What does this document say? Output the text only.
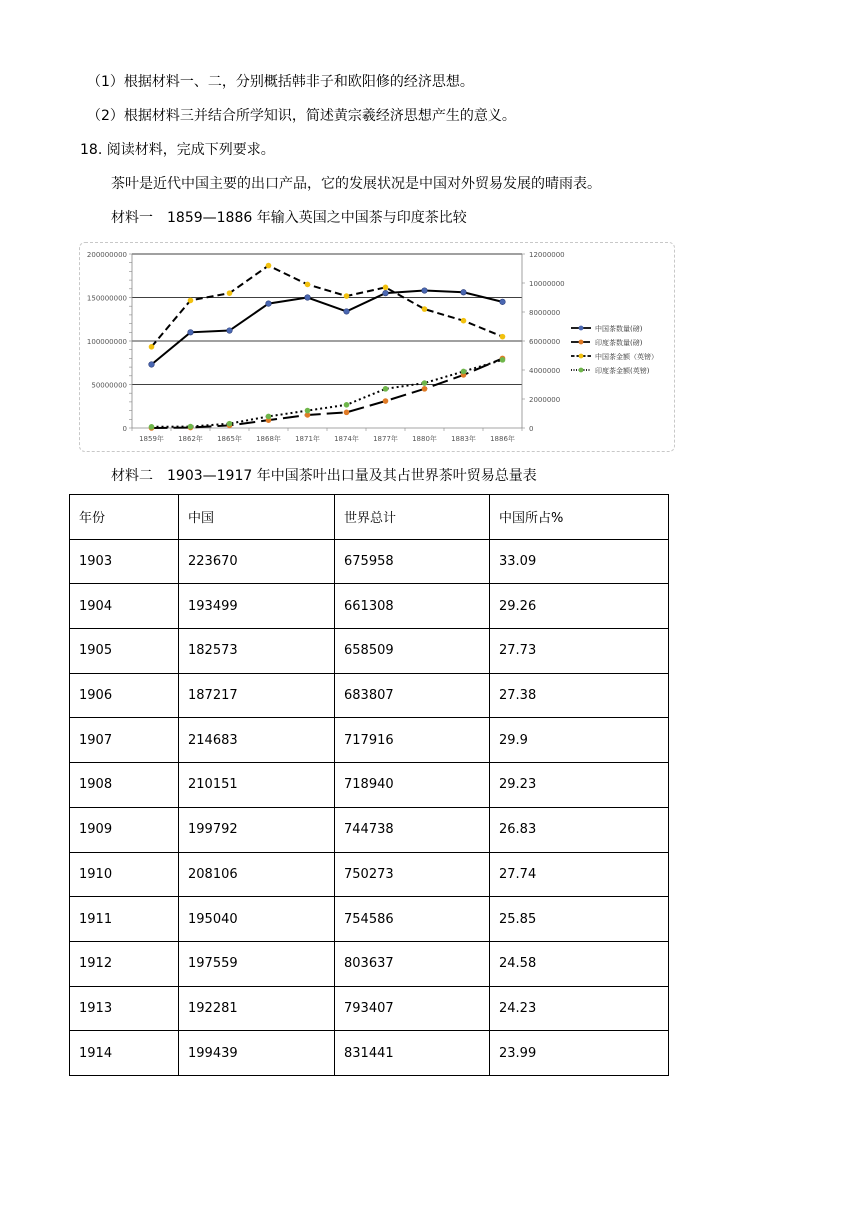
（1）根据材料一、二，分别概括韩非子和欧阳修的经济思想。
（2）根据材料三并结合所学知识，简述黄宗羲经济思想产生的意义。
18. 阅读材料，完成下列要求。
茶叶是近代中国主要的出口产品，它的发展状况是中国对外贸易发展的晴雨表。
材料一　1859—1886 年输入英国之中国茶与印度茶比较
0
50000000
100000000
150000000
200000000
0
2000000
4000000
6000000
8000000
10000000
12000000
1859年 1862年 1865年 1868年 1871年 1874年 1877年 1880年 1883年 1886年
中国茶数量(磅)
印度茶数量(磅)
中国茶金额（英镑）
印度茶金额(英镑)
材料二　1903—1917 年中国茶叶出口量及其占世界茶叶贸易总量表
年份	中国	世界总计	中国所占%
1903	223670	675958	33.09
1904	193499	661308	29.26
1905	182573	658509	27.73
1906	187217	683807	27.38
1907	214683	717916	29.9
1908	210151	718940	29.23
1909	199792	744738	26.83
1910	208106	750273	27.74
1911	195040	754586	25.85
1912	197559	803637	24.58
1913	192281	793407	24.23
1914	199439	831441	23.99
